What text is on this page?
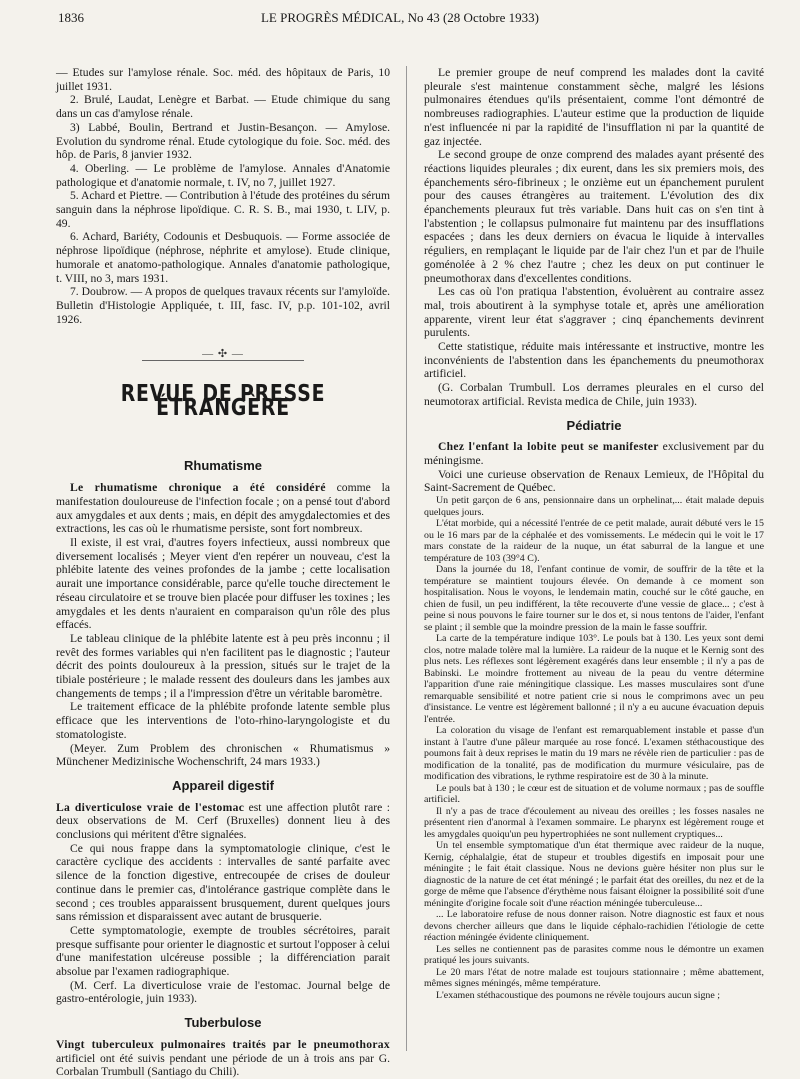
1836	LE PROGRÈS MÉDICAL, No 43 (28 Octobre 1933)

— Etudes sur l'amylose rénale. Soc. méd. des hôpitaux de Paris, 10 juillet 1931.

2. Brulé, Laudat, Lenègre et Barbat. — Etude chimique du sang dans un cas d'amylose rénale.

3) Labbé, Boulin, Bertrand et Justin-Besançon. — Amylose. Evolution du syndrome rénal. Etude cytologique du foie. Soc. méd. des hôp. de Paris, 8 janvier 1932.

4. Oberling. — Le problème de l'amylose. Annales d'Anatomie pathologique et d'anatomie normale, t. IV, no 7, juillet 1927.

5. Achard et Piettre. — Contribution à l'étude des protéines du sérum sanguin dans la néphrose lipoïdique. C. R. S. B., mai 1930, t. LIV, p. 49.

6. Achard, Bariéty, Codounis et Desbuquois. — Forme associée de néphrose lipoïdique (néphrose, néphrite et amylose). Etude clinique, humorale et anatomo-pathologique. Annales d'anatomie pathologique, t. VIII, no 3, mars 1931.

7. Doubrow. — A propos de quelques travaux récents sur l'amyloïde. Bulletin d'Histologie Appliquée, t. III, fasc. IV, p.p. 101-102, avril 1926.

— ✣ —
REVUE DE PRESSE ÉTRANGÈRE
Rhumatisme

Le rhumatisme chronique a été considéré comme la manifestation douloureuse de l'infection focale ; on a pensé tout d'abord aux amygdales et aux dents ; mais, en dépit des amygdalectomies et des extractions, les cas où le rhumatisme persiste, sont fort nombreux.

Il existe, il est vrai, d'autres foyers infectieux, aussi nombreux que diversement localisés ; Meyer vient d'en repérer un nouveau, c'est la phlébite latente des veines profondes de la jambe ; cette localisation aurait une importance considérable, parce qu'elle touche directement le réseau circulatoire et se trouve bien placée pour diffuser les toxines ; les amygdales et les dents n'auraient en comparaison qu'un rôle des plus effacés.

Le tableau clinique de la phlébite latente est à peu près inconnu ; il revêt des formes variables qui n'en facilitent pas le diagnostic ; l'auteur décrit des points douloureux à la pression, situés sur le trajet de la tibiale postérieure ; le malade ressent des douleurs dans les jambes aux changements de temps ; il a l'impression d'être un véritable baromètre.

Le traitement efficace de la phlébite profonde latente semble plus efficace que les interventions de l'oto-rhino-laryngologiste et du stomatologiste.

(Meyer. Zum Problem des chronischen « Rhumatismus » Münchener Medizinische Wochenschrift, 24 mars 1933.)

Appareil digestif

La diverticulose vraie de l'estomac est une affection plutôt rare : deux observations de M. Cerf (Bruxelles) donnent lieu à des conclusions qui méritent d'être signalées.

Ce qui nous frappe dans la symptomatologie clinique, c'est le caractère cyclique des accidents : intervalles de santé parfaite avec silence de la fonction digestive, entrecoupée de crises de douleur continue dans le premier cas, d'intolérance gastrique complète dans le second ; ces troubles apparaissent brusquement, durent quelques jours sans rémission et disparaissent avec autant de brusquerie.

Cette symptomatologie, exempte de troubles sécrétoires, parait presque suffisante pour orienter le diagnostic et surtout l'opposer à celui d'une manifestation ulcéreuse possible ; la différenciation parait absolue par l'examen radiographique.

(M. Cerf. La diverticulose vraie de l'estomac. Journal belge de gastro-entérologie, juin 1933).

Tuberbulose

Vingt tuberculeux pulmonaires traités par le pneumothorax artificiel ont été suivis pendant une période de un à trois ans par G. Corbalan Trumbull (Santiago du Chili).

Le premier groupe de neuf comprend les malades dont la cavité pleurale s'est maintenue constamment sèche, malgré les lésions pulmonaires étendues qu'ils présentaient, comme l'ont démontré de nombreuses radiographies. L'auteur estime que la production de liquide n'est influencée ni par la rapidité de l'insufflation ni par la quantité de gaz injectée.

Le second groupe de onze comprend des malades ayant présenté des réactions liquides pleurales ; dix eurent, dans les six premiers mois, des épanchements séro-fibrineux ; le onzième eut un épanchement purulent pour des causes étrangères au traitement. L'évolution des dix épanchements pleuraux fut très variable. Dans huit cas on s'en tint à l'abstention ; le collapsus pulmonaire fut maintenu par des insufflations espacées ; dans les deux derniers on évacua le liquide à intervalles réguliers, en remplaçant le liquide par de l'air chez l'un et par de l'huile goménolée à 2 % chez l'autre ; chez les deux on put continuer le pneumothorax dans d'excellentes conditions.

Les cas où l'on pratiqua l'abstention, évoluèrent au contraire assez mal, trois aboutirent à la symphyse totale et, après une amélioration apparente, virent leur état s'aggraver ; cinq épanchements devinrent purulents.

Cette statistique, réduite mais intéressante et instructive, montre les inconvénients de l'abstention dans les épanchements du pneumothorax artificiel.

(G. Corbalan Trumbull. Los derrames pleurales en el curso del neumotorax artificial. Revista medica de Chile, juin 1933).

Pédiatrie

Chez l'enfant la lobite peut se manifester exclusivement par du méningisme.

Voici une curieuse observation de Renaux Lemieux, de l'Hôpital du Saint-Sacrement de Québec.

Un petit garçon de 6 ans, pensionnaire dans un orphelinat,... était malade depuis quelques jours.

L'état morbide, qui a nécessité l'entrée de ce petit malade, aurait débuté vers le 15 ou le 16 mars par de la céphalée et des vomissements. Le médecin qui le voit le 17 mars constate de la raideur de la nuque, un état saburral de la langue et une température de 103 (39°4 C).

Dans la journée du 18, l'enfant continue de vomir, de souffrir de la tête et la température se maintient toujours élevée. On demande à ce moment son hospitalisation. Nous le voyons, le lendemain matin, couché sur le côté gauche, en chien de fusil, un peu indifférent, la tête recouverte d'une vessie de glace... ; c'est à peine si nous pouvons le faire tourner sur le dos et, si nous tentons de l'aider, l'enfant se plaint ; il semble que la moindre pression de la main le fasse souffrir.

La carte de la température indique 103°. Le pouls bat à 130. Les yeux sont demi clos, notre malade tolère mal la lumière. La raideur de la nuque et le Kernig sont des plus nets. Les réflexes sont légèrement exagérés dans leur ensemble ; il n'y a pas de Babinski. Le moindre frottement au niveau de la peau du ventre détermine l'apparition d'une raie méningitique classique. Les masses musculaires sont d'une remarquable sensibilité et notre patient crie si nous le comprimons avec un peu d'insistance. Le ventre est légèrement ballonné ; il n'y a eu aucune évacuation depuis l'entrée.

La coloration du visage de l'enfant est remarquablement instable et passe d'un instant à l'autre d'une pâleur marquée au rose foncé. L'examen stéthacoustique des poumons fait à deux reprises le matin du 19 mars ne révèle rien de particulier : pas de modification de la tonalité, pas de modification du murmure vésiculaire, pas de modification des vibrations, le rythme respiratoire est de 30 à la minute.

Le pouls bat à 130 ; le cœur est de situation et de volume normaux ; pas de souffle artificiel.

Il n'y a pas de trace d'écoulement au niveau des oreilles ; les fosses nasales ne présentent rien d'anormal à l'examen sommaire. Le pharynx est légèrement rouge et les amygdales quoiqu'un peu hypertrophiées ne sont nullement cryptiques...

Un tel ensemble symptomatique d'un état thermique avec raideur de la nuque, Kernig, céphalalgie, état de stupeur et troubles digestifs en imposait pour une méningite ; le fait était classique. Nous ne devions guère hésiter non plus sur le diagnostic de la nature de cet état méningé ; le parfait état des oreilles, du nez et de la gorge de même que l'absence d'érythème nous faisant éloigner la possibilité soit d'une méningite d'origine focale soit d'une réaction méningée tuberculeuse...

... Le laboratoire refuse de nous donner raison. Notre diagnostic est faux et nous devons chercher ailleurs que dans le liquide céphalo-rachidien l'étiologie de cette réaction méningée évidente cliniquement.

Les selles ne contiennent pas de parasites comme nous le démontre un examen pratiqué les jours suivants.

Le 20 mars l'état de notre malade est toujours stationnaire ; même abattement, mêmes signes méningés, même température.

L'examen stéthacoustique des poumons ne révèle toujours aucun signe ;
